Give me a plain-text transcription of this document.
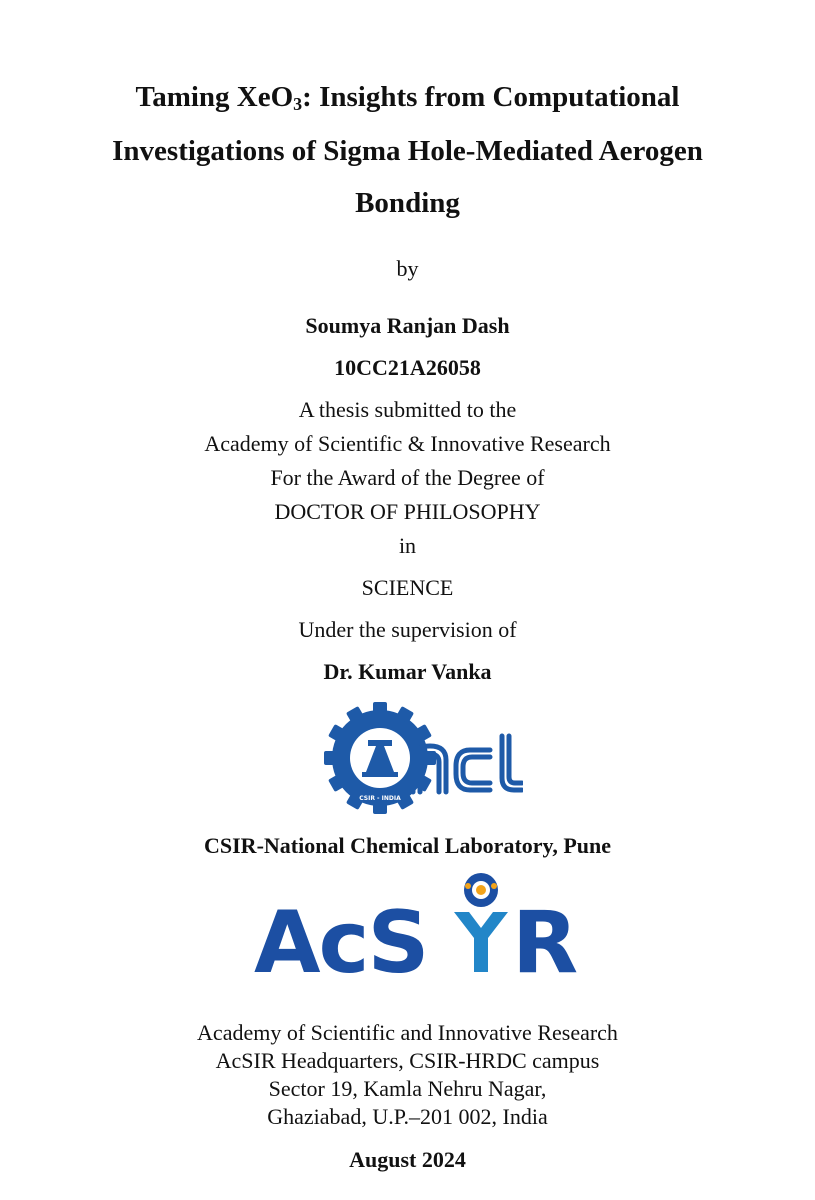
Taming XeO$_3$: Insights from Computational
Investigations of Sigma Hole-Mediated Aerogen
Bonding
by
Soumya Ranjan Dash
10CC21A26058
A thesis submitted to the
Academy of Scientific & Innovative Research
For the Award of the Degree of
DOCTOR OF PHILOSOPHY
in
SCIENCE
Under the supervision of
Dr. Kumar Vanka
CSIR - INDIA
CSIR-National Chemical Laboratory, Pune
AcS R
Academy of Scientific and Innovative Research
AcSIR Headquarters, CSIR-HRDC campus
Sector 19, Kamla Nehru Nagar,
Ghaziabad, U.P.–201 002, India
August 2024
